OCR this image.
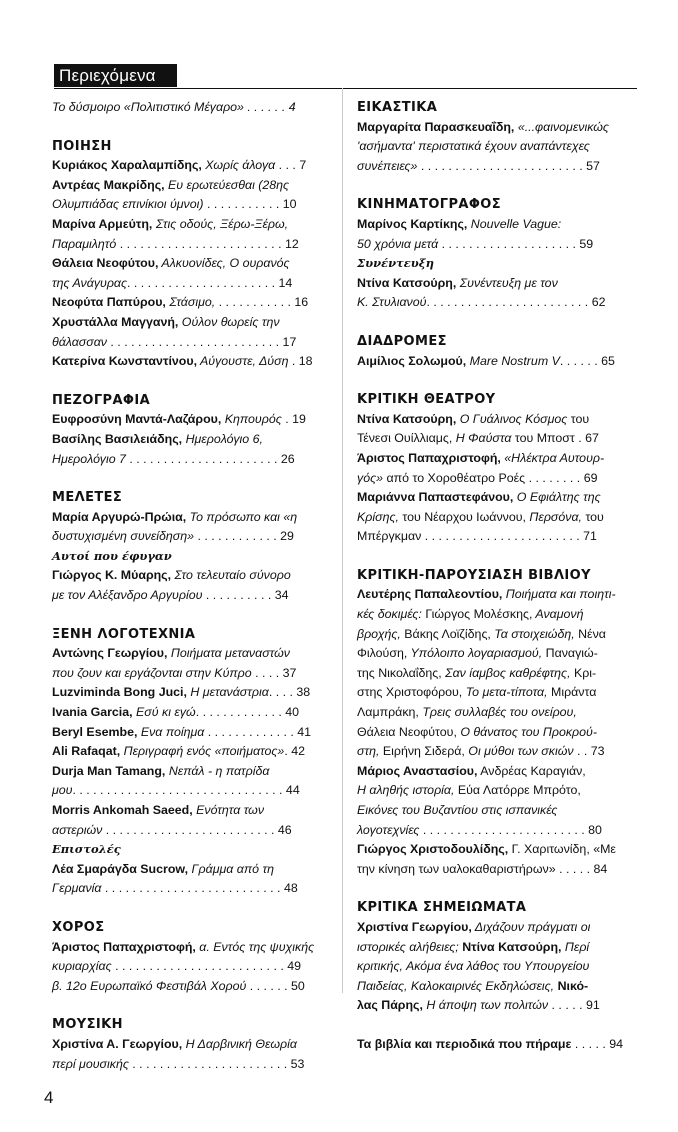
Περιεχόμενα

Το δύσμοιρο «Πολιτιστικό Μέγαρο» . . . . . . 4

ΠΟΙΗΣΗ

Κυριάκος Χαραλαμπίδης, Χωρίς άλογα . . . 7

Αντρέας Μακρίδης, Ευ ερωτεύεσθαι (28ης
Ολυμπιάδας επινίκιοι ύμνοι) . . . . . . . . . . . 10

Μαρίνα Αρμεύτη, Στις οδούς, Ξέρω-Ξέρω,
Παραμιλητό . . . . . . . . . . . . . . . . . . . . . . . . 12

Θάλεια Νεοφύτου, Αλκυονίδες, Ο ουρανός
της Ανάγυρας. . . . . . . . . . . . . . . . . . . . . . 14

Νεοφύτα Παπύρου, Στάσιμο, . . . . . . . . . . . 16

Χρυστάλλα Μαγγανή, Ούλον θωρείς την
θάλασσαν . . . . . . . . . . . . . . . . . . . . . . . . . 17

Κατερίνα Κωνσταντίνου, Αύγουστε, Δύση . 18

ΠΕΖΟΓΡΑΦΙΑ

Ευφροσύνη Μαντά-Λαζάρου, Κηπουρός . 19

Βασίλης Βασιλειάδης, Ημερολόγιο 6,
Ημερολόγιο 7 . . . . . . . . . . . . . . . . . . . . . . 26

ΜΕΛΕΤΕΣ

Μαρία Αργυρώ-Πρώια, Το πρόσωπο και «η
δυστυχισμένη συνείδηση» . . . . . . . . . . . . 29

Αυτοί που έφυγαν

Γιώργος Κ. Μύαρης, Στο τελευταίο σύνορο
με τον Αλέξανδρο Αργυρίου . . . . . . . . . . 34

ΞΕΝΗ ΛΟΓΟΤΕΧΝΙΑ

Αντώνης Γεωργίου, Ποιήματα μεταναστών
που ζουν και εργάζονται στην Κύπρο . . . . 37

Luzviminda Bong Juci, Η μετανάστρια. . . . 38

Ivania Garcia, Εσύ κι εγώ. . . . . . . . . . . . . 40

Beryl Esembe, Ενα ποίημα . . . . . . . . . . . . . 41

Ali Rafaqat, Περιγραφή ενός «ποιήματος». 42

Durja Man Tamang, Νεπάλ - η πατρίδα
μου. . . . . . . . . . . . . . . . . . . . . . . . . . . . . . . 44

Morris Ankomah Saeed, Ενότητα των
αστεριών . . . . . . . . . . . . . . . . . . . . . . . . . 46

Επιστολές

Λέα Σμαράγδα Sucrow, Γράμμα από τη
Γερμανία . . . . . . . . . . . . . . . . . . . . . . . . . . 48

ΧΟΡΟΣ

Άριστος Παπαχριστοφή, α. Εντός της ψυχικής
κυριαρχίας . . . . . . . . . . . . . . . . . . . . . . . . . 49

β. 12ο Ευρωπαϊκό Φεστιβάλ Χορού . . . . . . 50

ΜΟΥΣΙΚΗ

Χριστίνα Α. Γεωργίου, Η Δαρβινική Θεωρία
περί μουσικής . . . . . . . . . . . . . . . . . . . . . . . 53

ΕΙΚΑΣΤΙΚΑ

Μαργαρίτα Παρασκευαΐδη, «...φαινομενικώς
'ασήμαντα' περιστατικά έχουν αναπάντεχες
συνέπειες» . . . . . . . . . . . . . . . . . . . . . . . . 57

ΚΙΝΗΜΑΤΟΓΡΑΦΟΣ

Μαρίνος Καρτίκης, Nouvelle Vague:
50 χρόνια μετά . . . . . . . . . . . . . . . . . . . . 59

Συνέντευξη

Ντίνα Κατσούρη, Συνέντευξη με τον
Κ. Στυλιανού. . . . . . . . . . . . . . . . . . . . . . . . 62

ΔΙΑΔΡΟΜΕΣ

Αιμίλιος Σολωμού, Mare Nostrum V. . . . . . 65

ΚΡΙΤΙΚΗ ΘΕΑΤΡΟΥ

Ντίνα Κατσούρη, Ο Γυάλινος Κόσμος του
Τένεσι Ουίλλιαμς, Η Φαύστα του Μποστ . 67

Άριστος Παπαχριστοφή, «Ηλέκτρα Αυτουρ-
γός» από το Χοροθέατρο Ροές . . . . . . . . 69

Μαριάννα Παπαστεφάνου, Ο Εφιάλτης της
Κρίσης, του Νέαρχου Ιωάννου, Περσόνα, του
Μπέργκμαν . . . . . . . . . . . . . . . . . . . . . . . 71

ΚΡΙΤΙΚΗ-ΠΑΡΟΥΣΙΑΣΗ ΒΙΒΛΙΟΥ

Λευτέρης Παπαλεοντίου, Ποιήματα και ποιητι-
κές δοκιμές: Γιώργος Μολέσκης, Αναμονή
βροχής, Βάκης Λοϊζίδης, Τα στοιχειώδη, Νένα
Φιλούση, Υπόλοιπο λογαριασμού, Παναγιώ-
της Νικολαΐδης, Σαν ίαμβος καθρέφτης, Κρι-
στης Χριστοφόρου, Το μετα-τίποτα, Μιράντα
Λαμπράκη, Τρεις συλλαβές του ονείρου,
Θάλεια Νεοφύτου, Ο θάνατος του Προκρού-
στη, Ειρήνη Σιδερά, Οι μύθοι των σκιών . . 73

Μάριος Αναστασίου, Ανδρέας Καραγιάν,
Η αληθής ιστορία, Εύα Λατόρρε Μπρότο,
Εικόνες του Βυζαντίου στις ισπανικές
λογοτεχνίες . . . . . . . . . . . . . . . . . . . . . . . . 80

Γιώργος Χριστοδουλίδης, Γ. Χαριτωνίδη, «Με
την κίνηση των υαλοκαθαριστήρων» . . . . . 84

ΚΡΙΤΙΚΑ ΣΗΜΕΙΩΜΑΤΑ

Χριστίνα Γεωργίου, Διχάζουν πράγματι οι
ιστορικές αλήθειες; Ντίνα Κατσούρη, Περί
κριτικής, Ακόμα ένα λάθος του Υπουργείου
Παιδείας, Καλοκαιρινές Εκδηλώσεις, Νικό-
λας Πάρης, Η άποψη των πολιτών . . . . . 91

Τα βιβλία και περιοδικά που πήραμε . . . . . 94

4
